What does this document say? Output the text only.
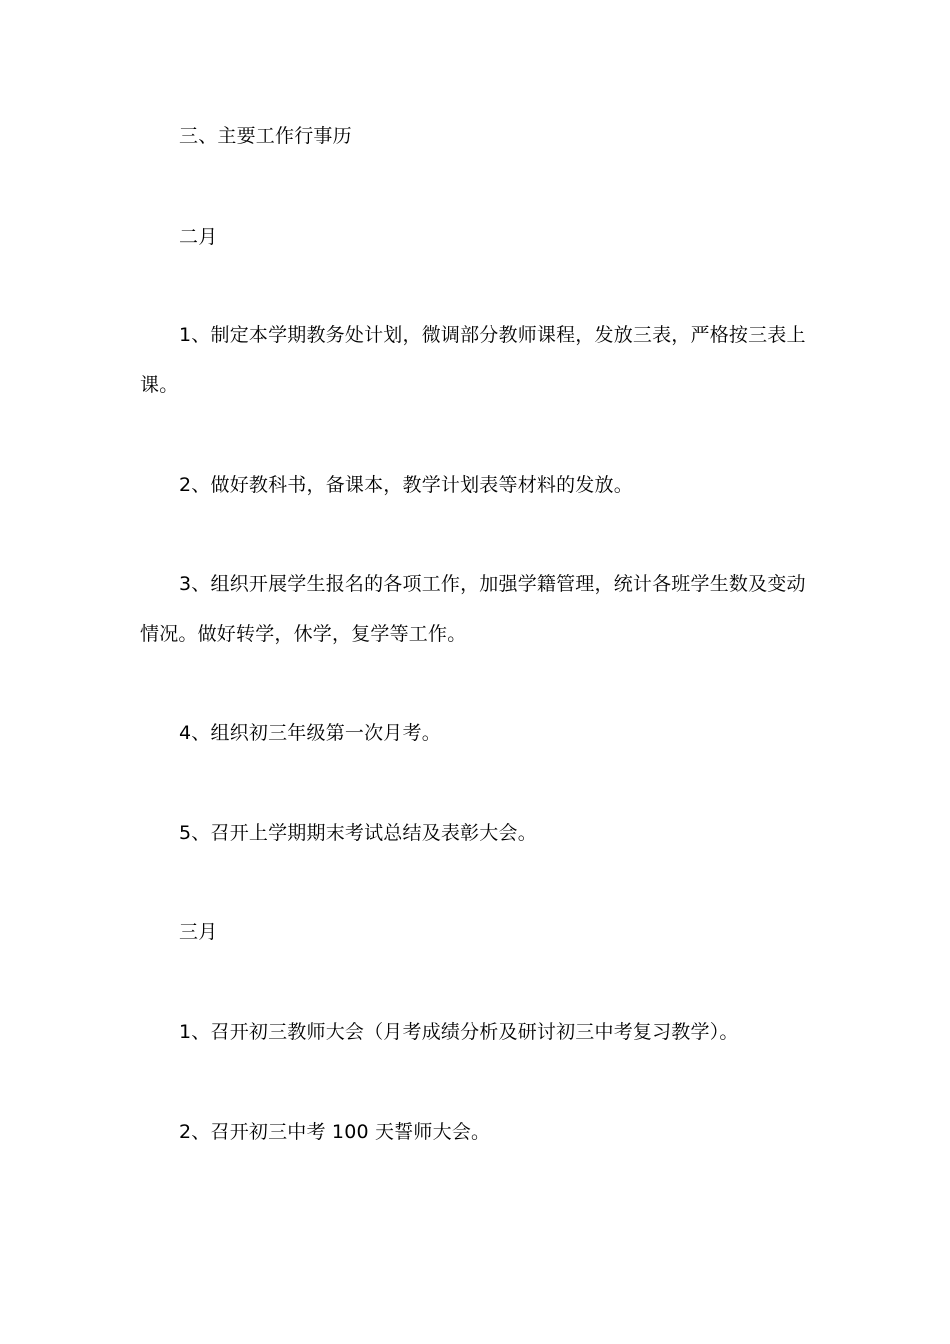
三、主要工作行事历

二月

1、制定本学期教务处计划，微调部分教师课程，发放三表，严格按三表上

课。

2、做好教科书，备课本，教学计划表等材料的发放。

3、组织开展学生报名的各项工作，加强学籍管理，统计各班学生数及变动

情况。做好转学，休学，复学等工作。

4、组织初三年级第一次月考。

5、召开上学期期末考试总结及表彰大会。

三月

1、召开初三教师大会（月考成绩分析及研讨初三中考复习教学）。

2、召开初三中考 100 天誓师大会。
